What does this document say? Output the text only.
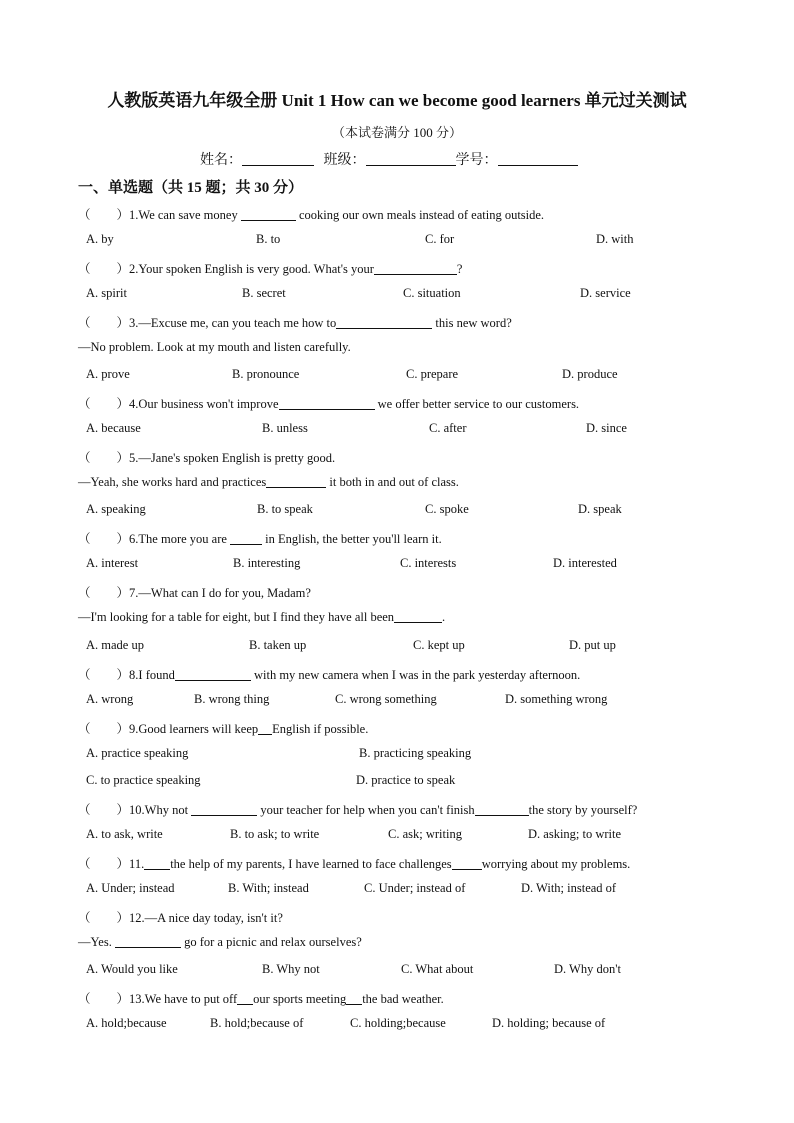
人教版英语九年级全册 Unit 1 How can we become good learners 单元过关测试
（本试卷满分 100 分）
姓名：	班级：	学号：
一、单选题（共 15 题；共 30 分）
（ ）1.We can save money	cooking our own meals instead of eating outside.
A. by	B. to	C. for	D. with
（ ）2.Your spoken English is very good. What's your	?
A. spirit	B. secret	C. situation	D. service
（ ）3.—Excuse me, can you teach me how to	this new word?
—No problem. Look at my mouth and listen carefully.
A. prove	B. pronounce	C. prepare	D. produce
（ ）4.Our business won't improve	we offer better service to our customers.
A. because	B. unless	C. after	D. since
（ ）5.—Jane's spoken English is pretty good.
—Yeah, she works hard and practices	it both in and out of class.
A. speaking	B. to speak	C. spoke	D. speak
（ ）6.The more you are	in English, the better you'll learn it.
A. interest	B. interesting	C. interests	D. interested
（ ）7.—What can I do for you, Madam?
—I'm looking for a table for eight, but I find they have all been	.
A. made up	B. taken up	C. kept up	D. put up
（ ）8.I found	with my new camera when I was in the park yesterday afternoon.
A. wrong	B. wrong thing	C. wrong something	D. something wrong
（ ）9.Good learners will keep English if possible.
A. practice speaking	B. practicing speaking
C. to practice speaking	D. practice to speak
（ ）10.Why not	your teacher for help when you can't finish	the story by yourself?
A. to ask, write	B. to ask; to write	C. ask; writing	D. asking; to write
（ ）11. the help of my parents, I have learned to face challenges worrying about my problems.
A. Under; instead	B. With; instead	C. Under; instead of	D. With; instead of
（ ）12.—A nice day today, isn't it?
—Yes.	go for a picnic and relax ourselves?
A. Would you like	B. Why not	C. What about	D. Why don't
（ ）13.We have to put off our sports meeting the bad weather.
A. hold;because	B. hold;because of	C. holding;because	D. holding; because of
